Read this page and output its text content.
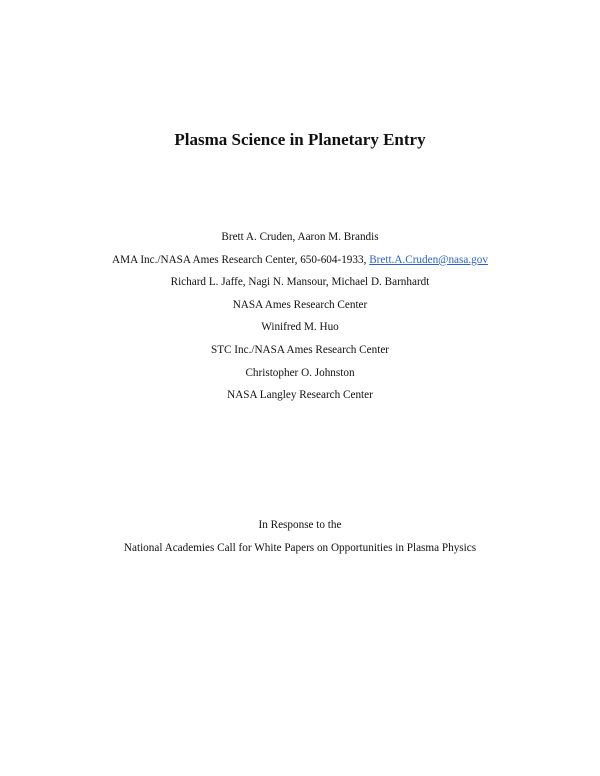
Plasma Science in Planetary Entry
Brett A. Cruden, Aaron M. Brandis
AMA Inc./NASA Ames Research Center, 650-604-1933, Brett.A.Cruden@nasa.gov
Richard L. Jaffe, Nagi N. Mansour, Michael D. Barnhardt
NASA Ames Research Center
Winifred M. Huo
STC Inc./NASA Ames Research Center
Christopher O. Johnston
NASA Langley Research Center
In Response to the
National Academies Call for White Papers on Opportunities in Plasma Physics
